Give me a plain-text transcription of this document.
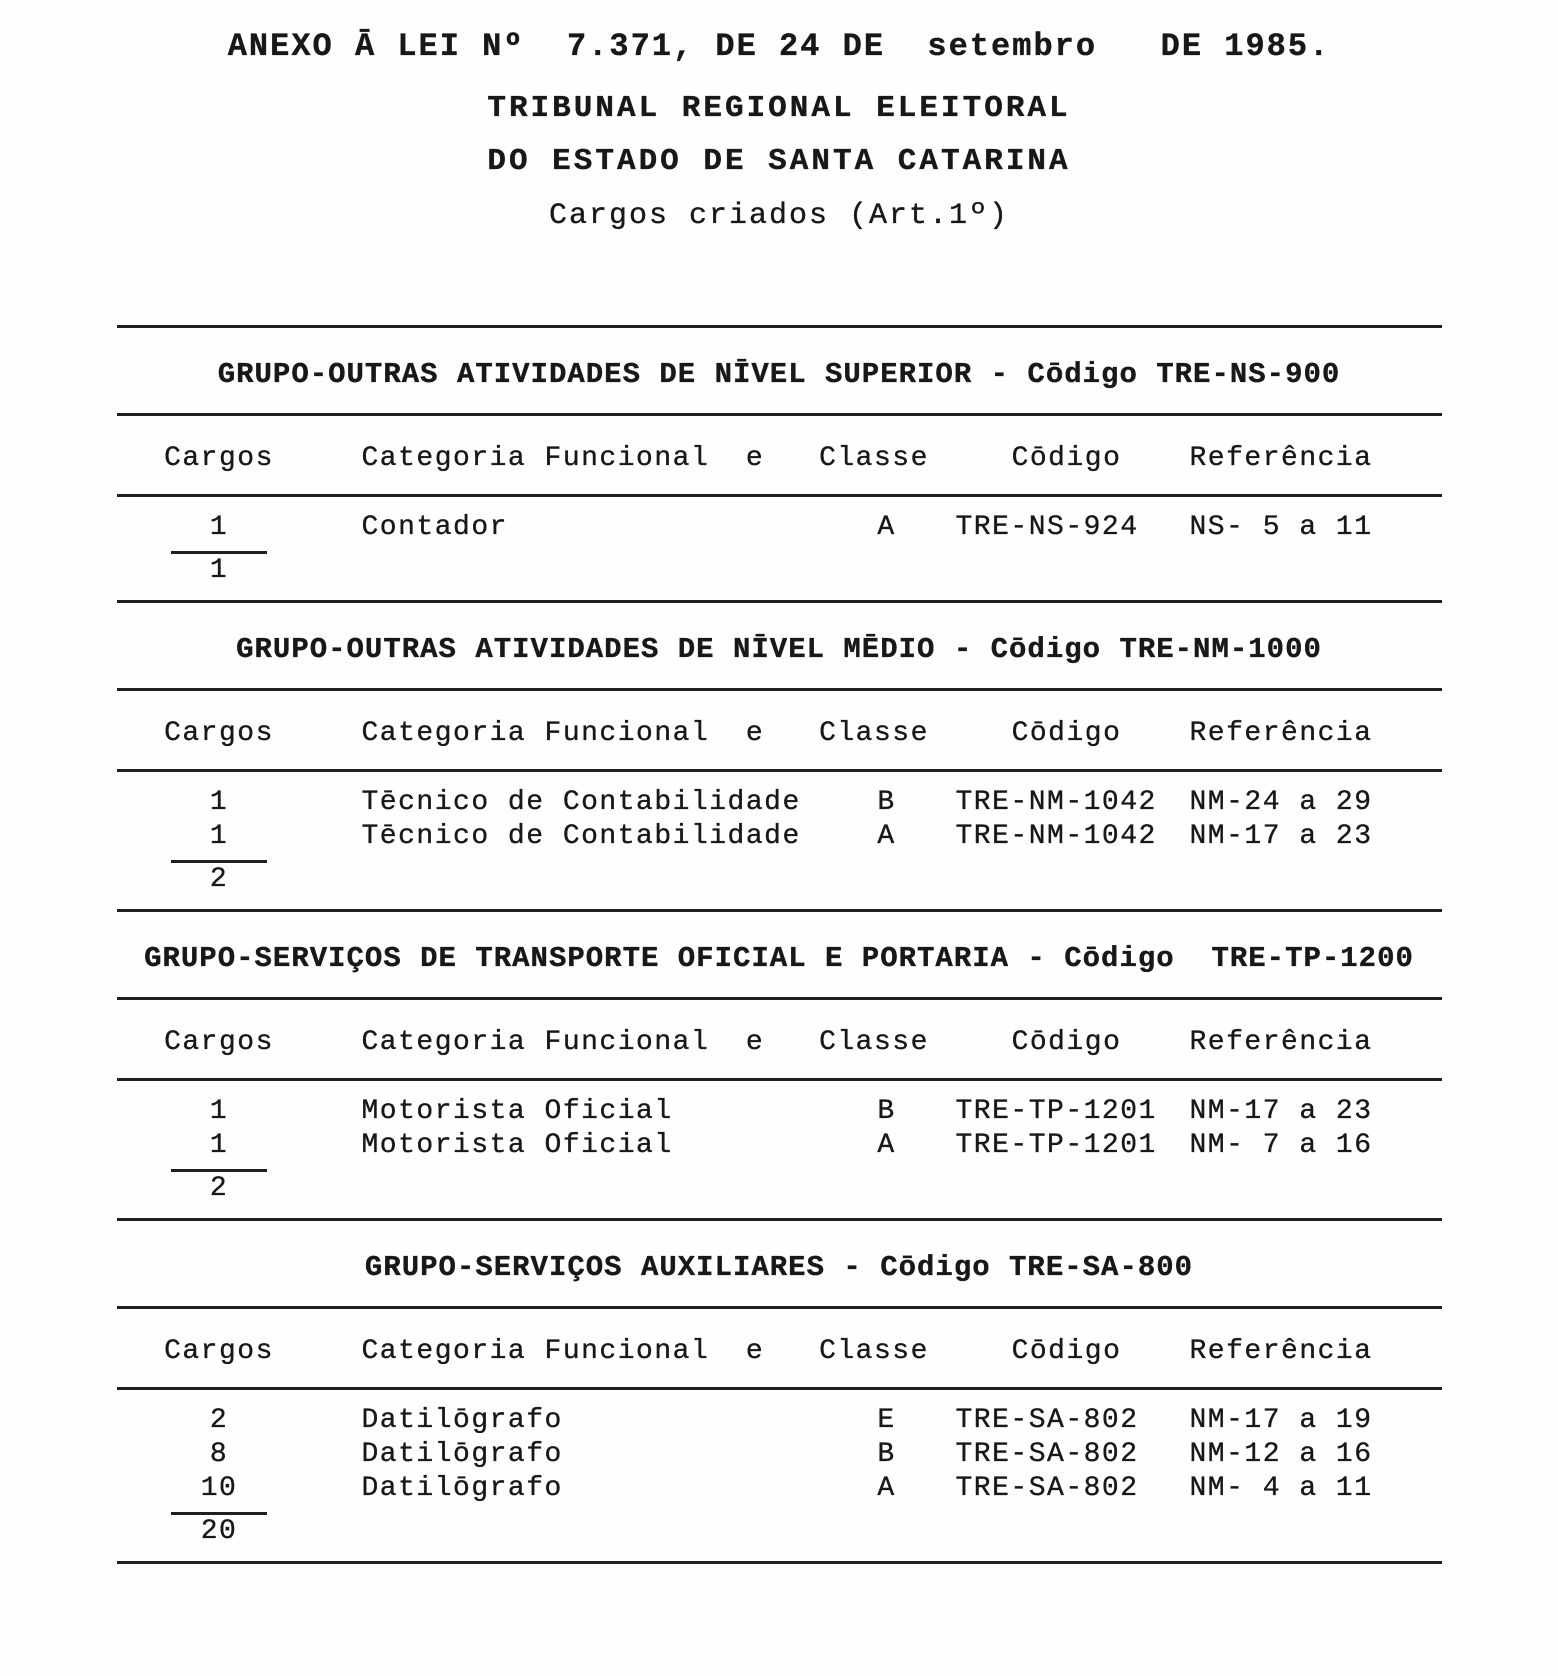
ANEXO Ā LEI Nº  7.371, DE 24 DE  setembro   DE 1985.
TRIBUNAL REGIONAL ELEITORAL
DO ESTADO DE SANTA CATARINA
Cargos criados (Art.1º)
GRUPO-OUTRAS ATIVIDADES DE NĪVEL SUPERIOR - Cōdigo TRE-NS-900
Cargos	Categoria Funcional  e   Classe	Cōdigo	Referência
1	Contador	A	TRE-NS-924	NS- 5 a 11
1
GRUPO-OUTRAS ATIVIDADES DE NĪVEL MĒDIO - Cōdigo TRE-NM-1000
Cargos	Categoria Funcional  e   Classe	Cōdigo	Referência
1	Tēcnico de Contabilidade	B	TRE-NM-1042	NM-24 a 29
1	Tēcnico de Contabilidade	A	TRE-NM-1042	NM-17 a 23
2
GRUPO-SERVIÇOS DE TRANSPORTE OFICIAL E PORTARIA - Cōdigo  TRE-TP-1200
Cargos	Categoria Funcional  e   Classe	Cōdigo	Referência
1	Motorista Oficial	B	TRE-TP-1201	NM-17 a 23
1	Motorista Oficial	A	TRE-TP-1201	NM- 7 a 16
2
GRUPO-SERVIÇOS AUXILIARES - Cōdigo TRE-SA-800
Cargos	Categoria Funcional  e   Classe	Cōdigo	Referência
2	Datilōgrafo	E	TRE-SA-802	NM-17 a 19
8	Datilōgrafo	B	TRE-SA-802	NM-12 a 16
10	Datilōgrafo	A	TRE-SA-802	NM- 4 a 11
20
